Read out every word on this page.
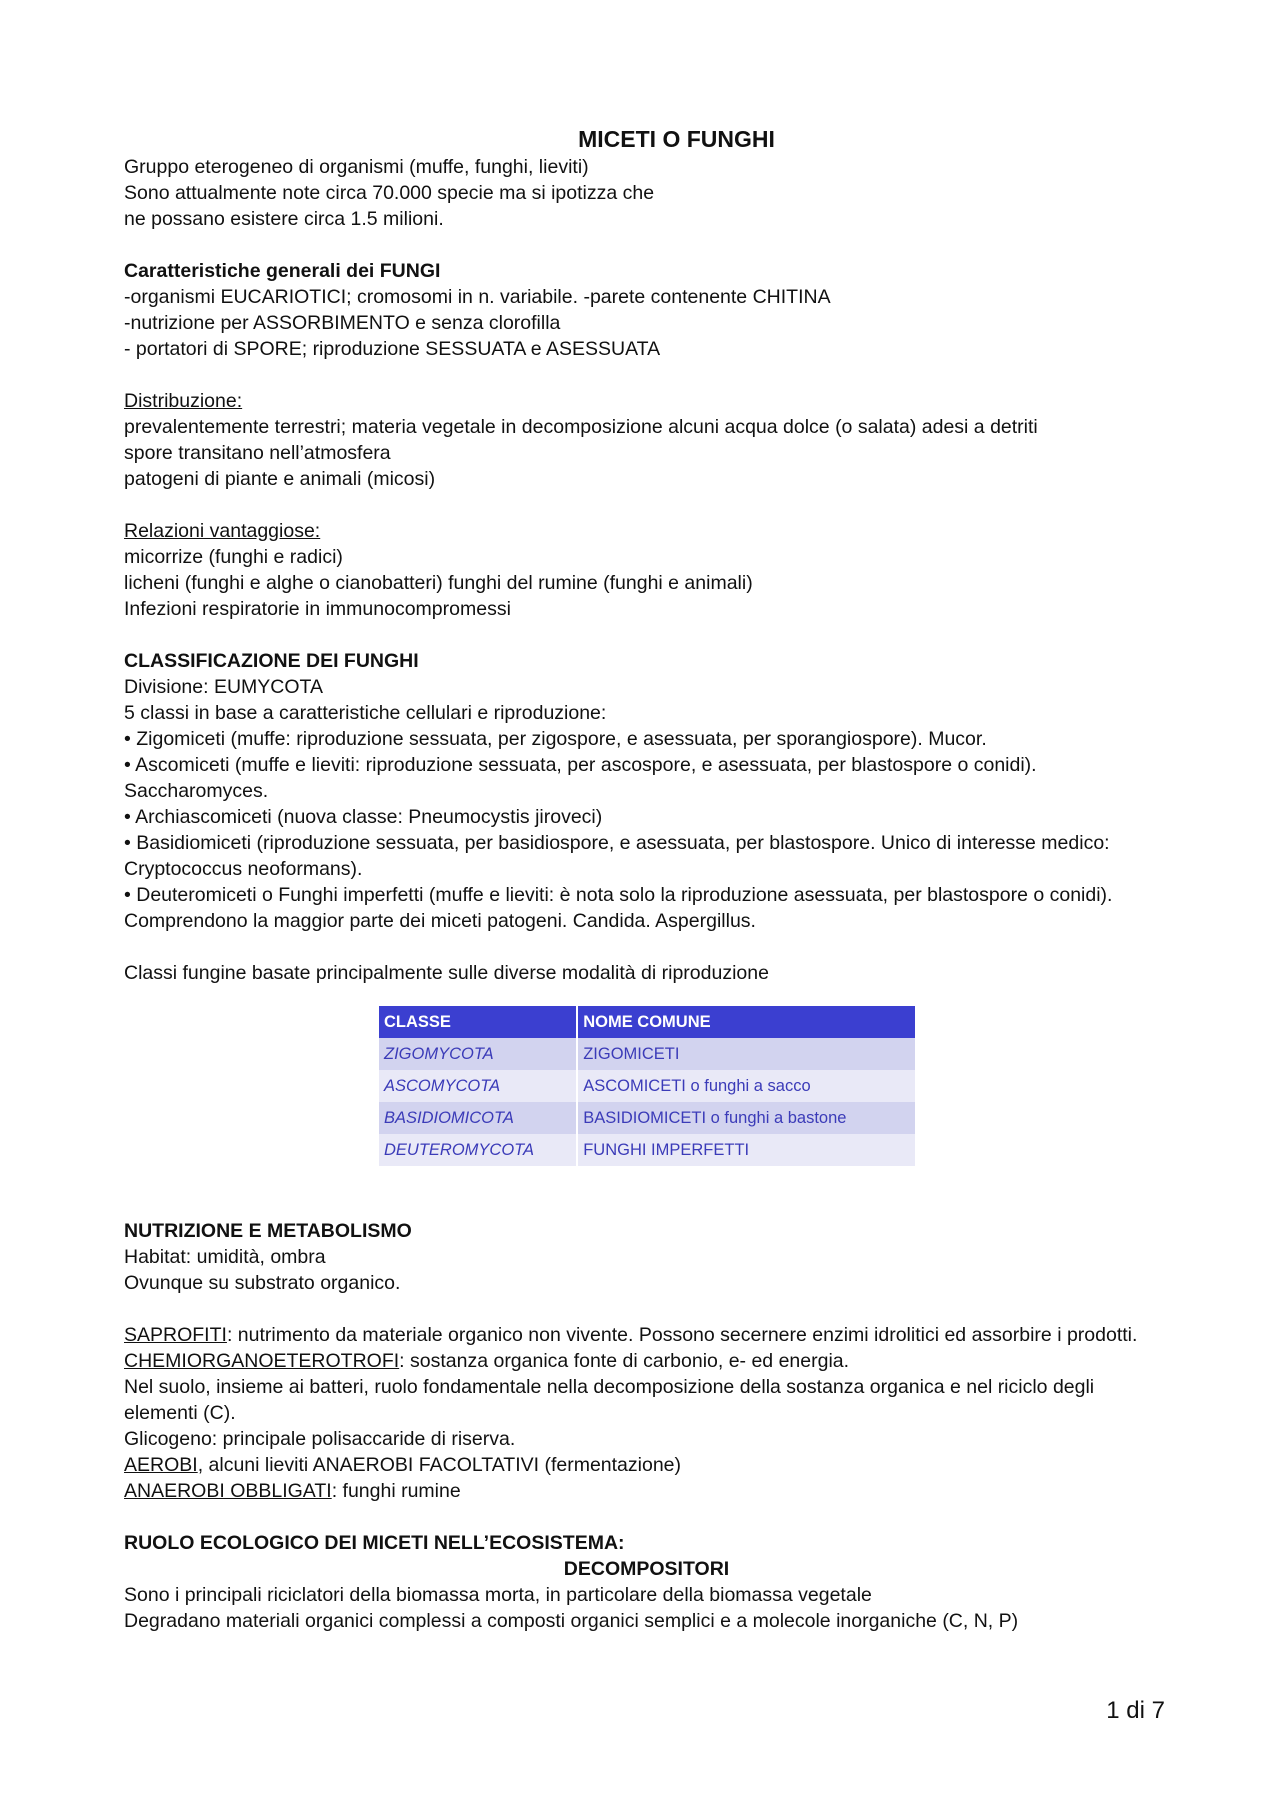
MICETI O FUNGHI

Gruppo eterogeneo di organismi (muffe, funghi, lieviti)

Sono attualmente note circa 70.000 specie ma si ipotizza che

ne possano esistere circa 1.5 milioni.

Caratteristiche generali dei FUNGI

-organismi EUCARIOTICI; cromosomi in n. variabile. -parete contenente CHITINA

-nutrizione per ASSORBIMENTO e senza clorofilla

- portatori di SPORE; riproduzione SESSUATA e ASESSUATA

Distribuzione:

prevalentemente terrestri; materia vegetale in decomposizione alcuni acqua dolce (o salata) adesi a detriti

spore transitano nell’atmosfera

patogeni di piante e animali (micosi)

Relazioni vantaggiose:

micorrize (funghi e radici)

licheni (funghi e alghe o cianobatteri) funghi del rumine (funghi e animali)

Infezioni respiratorie in immunocompromessi

CLASSIFICAZIONE DEI FUNGHI

Divisione: EUMYCOTA

5 classi in base a caratteristiche cellulari e riproduzione:

• Zigomiceti (muffe: riproduzione sessuata, per zigospore, e asessuata, per sporangiospore). Mucor.

• Ascomiceti (muffe e lieviti: riproduzione sessuata, per ascospore, e asessuata, per blastospore o conidi). Saccharomyces.

• Archiascomiceti (nuova classe: Pneumocystis jiroveci)

• Basidiomiceti (riproduzione sessuata, per basidiospore, e asessuata, per blastospore. Unico di interesse medico: Cryptococcus neoformans).

• Deuteromiceti o Funghi imperfetti (muffe e lieviti: è nota solo la riproduzione asessuata, per blastospore o conidi). Comprendono la maggior parte dei miceti patogeni. Candida. Aspergillus.

Classi fungine basate principalmente sulle diverse modalità di riproduzione

CLASSE	NOME COMUNE
ZIGOMYCOTA	ZIGOMICETI
ASCOMYCOTA	ASCOMICETI o funghi a sacco
BASIDIOMICOTA	BASIDIOMICETI o funghi a bastone
DEUTEROMYCOTA	FUNGHI IMPERFETTI

NUTRIZIONE E METABOLISMO

Habitat: umidità, ombra

Ovunque su substrato organico.

SAPROFITI: nutrimento da materiale organico non vivente. Possono secernere enzimi idrolitici ed assorbire i prodotti.

CHEMIORGANOETEROTROFI: sostanza organica fonte di carbonio, e- ed energia.

Nel suolo, insieme ai batteri, ruolo fondamentale nella decomposizione della sostanza organica e nel riciclo degli elementi (C).

Glicogeno: principale polisaccaride di riserva.

AEROBI, alcuni lieviti ANAEROBI FACOLTATIVI (fermentazione)

ANAEROBI OBBLIGATI: funghi rumine

RUOLO ECOLOGICO DEI MICETI NELL’ECOSISTEMA:

DECOMPOSITORI

Sono i principali riciclatori della biomassa morta, in particolare della biomassa vegetale

Degradano materiali organici complessi a composti organici semplici e a molecole inorganiche (C, N, P)

1 di 7
